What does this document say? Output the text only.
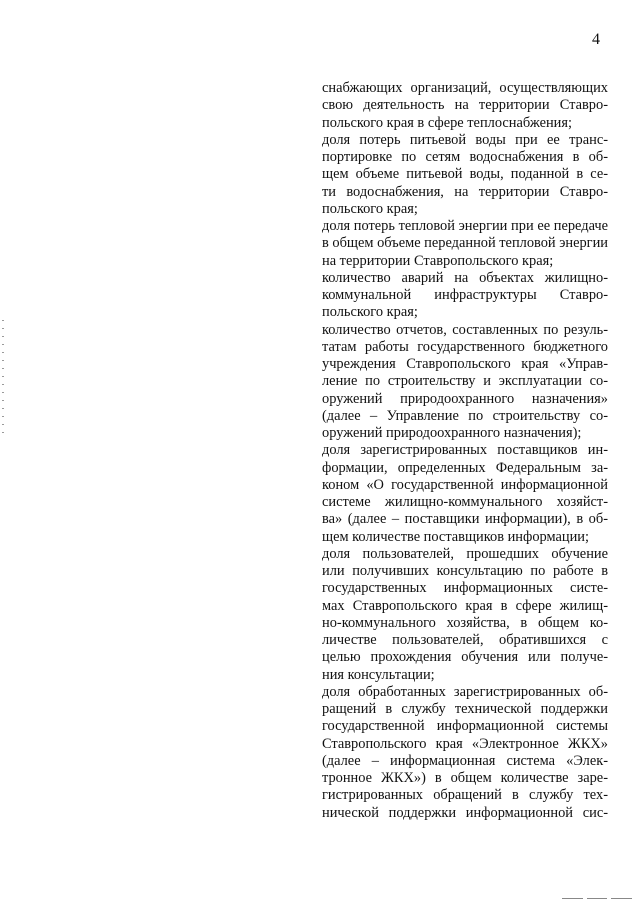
4
снабжающих организаций, осуществляющих
свою деятельность на территории Ставро-
польского края в сфере теплоснабжения;
доля потерь питьевой воды при ее транс-
портировке по сетям водоснабжения в об-
щем объеме питьевой воды, поданной в се-
ти водоснабжения, на территории Ставро-
польского края;
доля потерь тепловой энергии при ее передаче
в общем объеме переданной тепловой энергии
на территории Ставропольского края;
количество аварий на объектах жилищно-
коммунальной инфраструктуры Ставро-
польского края;
количество отчетов, составленных по резуль-
татам работы государственного бюджетного
учреждения Ставропольского края «Управ-
ление по строительству и эксплуатации со-
оружений природоохранного назначения»
(далее – Управление по строительству со-
оружений природоохранного назначения);
доля зарегистрированных поставщиков ин-
формации, определенных Федеральным за-
коном «О государственной информационной
системе жилищно-коммунального хозяйст-
ва» (далее – поставщики информации), в об-
щем количестве поставщиков информации;
доля пользователей, прошедших обучение
или получивших консультацию по работе в
государственных информационных систе-
мах Ставропольского края в сфере жилищ-
но-коммунального хозяйства, в общем ко-
личестве пользователей, обратившихся с
целью прохождения обучения или получе-
ния консультации;
доля обработанных зарегистрированных об-
ращений в службу технической поддержки
государственной информационной системы
Ставропольского края «Электронное ЖКХ»
(далее – информационная система «Элек-
тронное ЖКХ») в общем количестве заре-
гистрированных обращений в службу тех-
нической поддержки информационной сис-
